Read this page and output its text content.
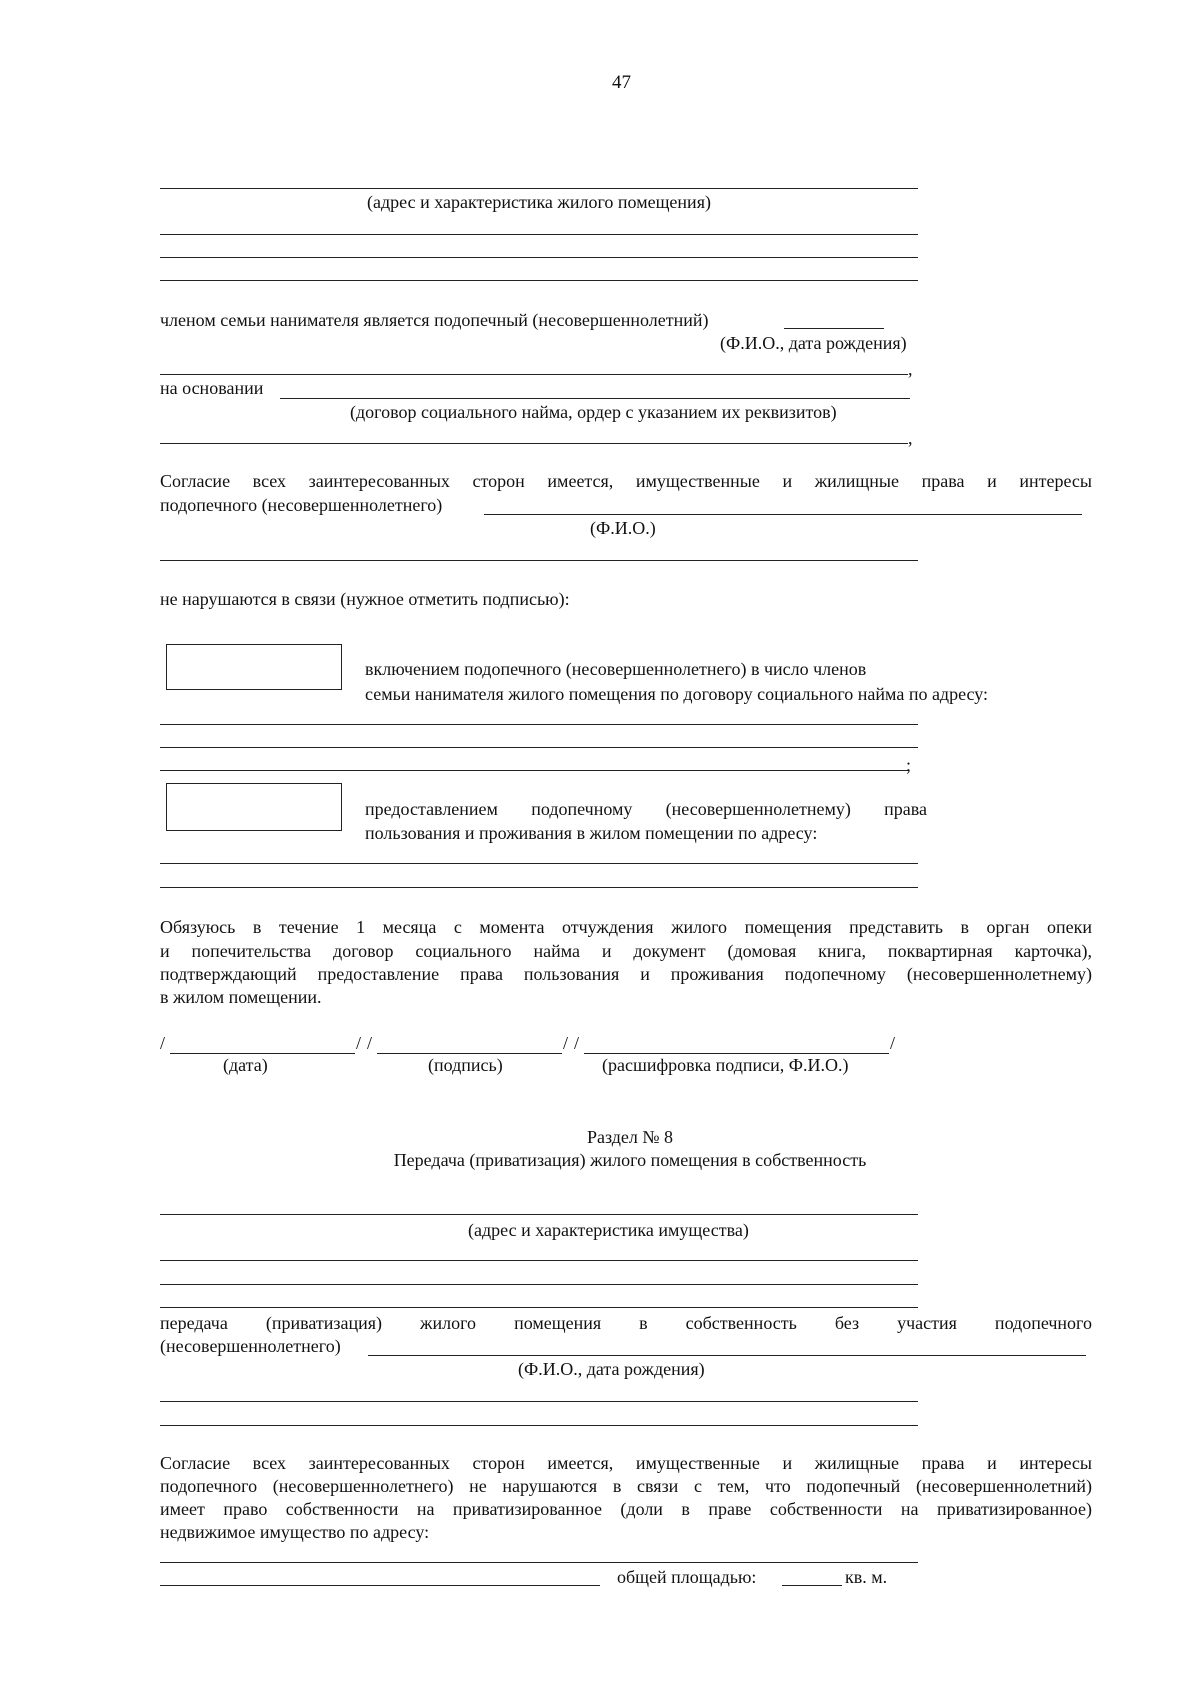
47
(адрес и характеристика жилого помещения)
членом семьи нанимателя является подопечный (несовершеннолетний)
(Ф.И.О., дата рождения)
,
на основании
(договор социального найма, ордер с указанием их реквизитов)
,
Согласие всех заинтересованных сторон имеется, имущественные и жилищные права и интересы
подопечного (несовершеннолетнего)
(Ф.И.О.)
не нарушаются в связи (нужное отметить подписью):
включением подопечного (несовершеннолетнего) в число членов
семьи нанимателя жилого помещения по договору социального найма по адресу:
;
предоставлением подопечному (несовершеннолетнему) права
пользования и проживания в жилом помещении по адресу:
Обязуюсь в течение 1 месяца с момента отчуждения жилого помещения представить в орган опеки
и попечительства договор социального найма и документ (домовая книга, поквартирная карточка),
подтверждающий предоставление права пользования и проживания подопечному (несовершеннолетнему)
в жилом помещении.
/	/ /	/ /	/
(дата)	(подпись)	(расшифровка подписи, Ф.И.О.)
Раздел № 8
Передача (приватизация) жилого помещения в собственность
(адрес и характеристика имущества)
передача (приватизация) жилого помещения в собственность без участия подопечного
(несовершеннолетнего)
(Ф.И.О., дата рождения)
Согласие всех заинтересованных сторон имеется, имущественные и жилищные права и интересы
подопечного (несовершеннолетнего) не нарушаются в связи с тем, что подопечный (несовершеннолетний)
имеет право собственности на приватизированное (доли в праве собственности на приватизированное)
недвижимое имущество по адресу:
общей площадью:	кв. м.
